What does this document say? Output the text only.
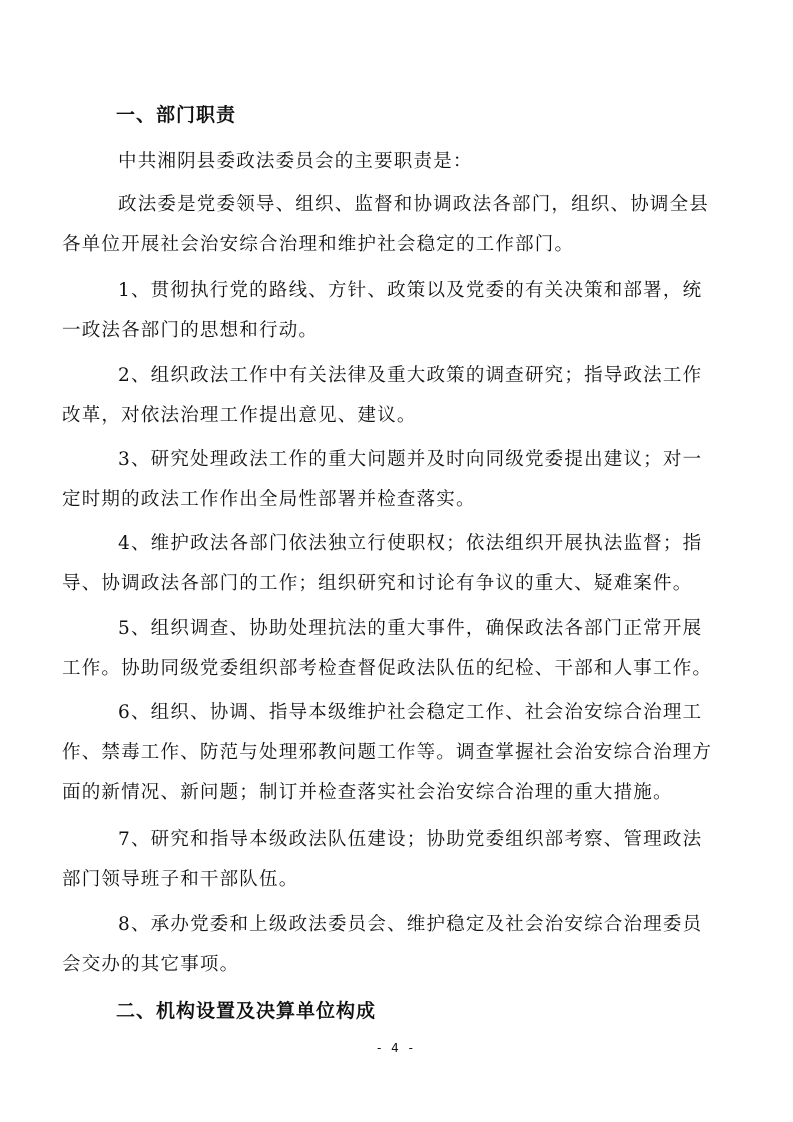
一、部门职责
中共湘阴县委政法委员会的主要职责是：
政法委是党委领导、组织、监督和协调政法各部门，组织、协调全县
各单位开展社会治安综合治理和维护社会稳定的工作部门。
1、贯彻执行党的路线、方针、政策以及党委的有关决策和部署，统
一政法各部门的思想和行动。
2、组织政法工作中有关法律及重大政策的调查研究；指导政法工作
改革，对依法治理工作提出意见、建议。
3、研究处理政法工作的重大问题并及时向同级党委提出建议；对一
定时期的政法工作作出全局性部署并检查落实。
4、维护政法各部门依法独立行使职权；依法组织开展执法监督；指
导、协调政法各部门的工作；组织研究和讨论有争议的重大、疑难案件。
5、组织调查、协助处理抗法的重大事件，确保政法各部门正常开展
工作。协助同级党委组织部考检查督促政法队伍的纪检、干部和人事工作。
6、组织、协调、指导本级维护社会稳定工作、社会治安综合治理工
作、禁毒工作、防范与处理邪教问题工作等。调查掌握社会治安综合治理方
面的新情况、新问题；制订并检查落实社会治安综合治理的重大措施。
7、研究和指导本级政法队伍建设；协助党委组织部考察、管理政法
部门领导班子和干部队伍。
8、承办党委和上级政法委员会、维护稳定及社会治安综合治理委员
会交办的其它事项。
二、机构设置及决算单位构成
- 4 -
